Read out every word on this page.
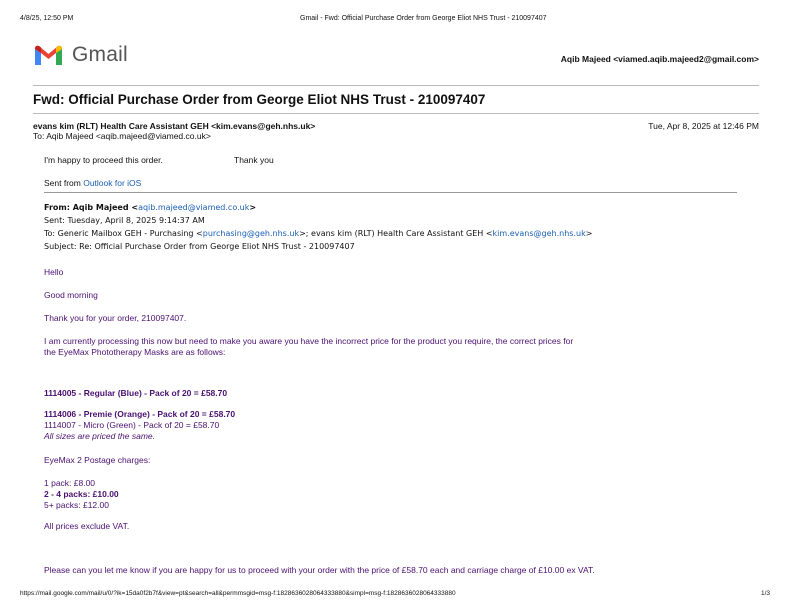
4/8/25, 12:50 PM	Gmail - Fwd: Official Purchase Order from George Eliot NHS Trust - 210097407
Gmail	Aqib Majeed <viamed.aqib.majeed2@gmail.com>
Fwd: Official Purchase Order from George Eliot NHS Trust - 210097407
evans kim (RLT) Health Care Assistant GEH <kim.evans@geh.nhs.uk>	Tue, Apr 8, 2025 at 12:46 PM
To: Aqib Majeed <aqib.majeed@viamed.co.uk>
I'm happy to proceed this order.	Thank you
Sent from Outlook for iOS
From: Aqib Majeed <aqib.majeed@viamed.co.uk>
Sent: Tuesday, April 8, 2025 9:14:37 AM
To: Generic Mailbox GEH - Purchasing <purchasing@geh.nhs.uk>; evans kim (RLT) Health Care Assistant GEH <kim.evans@geh.nhs.uk>
Subject: Re: Official Purchase Order from George Eliot NHS Trust - 210097407
Hello
Good morning
Thank you for your order, 210097407.
I am currently processing this now but need to make you aware you have the incorrect price for the product you require, the correct prices for
the EyeMax Phototherapy Masks are as follows:
1114005 - Regular (Blue) - Pack of 20 = £58.70
1114006 - Premie (Orange) - Pack of 20 = £58.70
1114007 - Micro (Green) - Pack of 20 = £58.70
All sizes are priced the same.
EyeMax 2 Postage charges:
1 pack: £8.00
2 - 4 packs: £10.00
5+ packs: £12.00
All prices exclude VAT.
Please can you let me know if you are happy for us to proceed with your order with the price of £58.70 each and carriage charge of £10.00 ex VAT.
https://mail.google.com/mail/u/0/?ik=15da0f2b7f&view=pt&search=all&permmsgid=msg-f:1828636028064333880&simpl=msg-f:1828636028064333880	1/3
